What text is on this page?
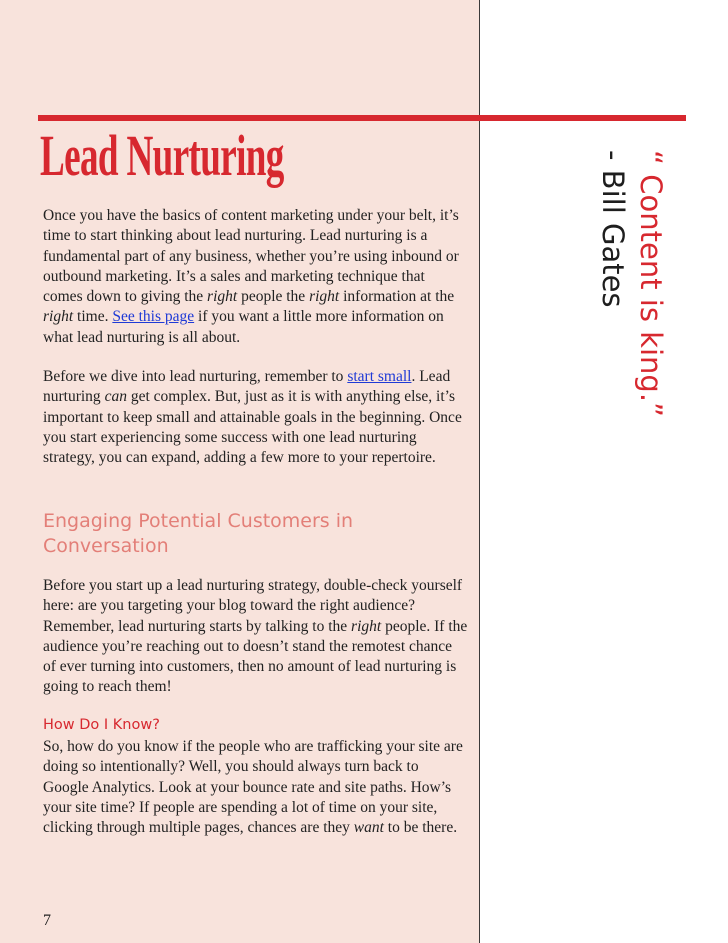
Lead Nurturing

Once you have the basics of content marketing under your belt, it’s time to start thinking about lead nurturing. Lead nurturing is a fundamental part of any business, whether you’re using inbound or outbound marketing. It’s a sales and marketing technique that comes down to giving the right people the right information at the right time. See this page if you want a little more information on what lead nurturing is all about.

Before we dive into lead nurturing, remember to start small. Lead nurturing can get complex. But, just as it is with anything else, it’s important to keep small and attainable goals in the beginning. Once you start experiencing some success with one lead nurturing strategy, you can expand, adding a few more to your repertoire.

Engaging Potential Customers in Conversation

Before you start up a lead nurturing strategy, double-check yourself here: are you targeting your blog toward the right audience? Remember, lead nurturing starts by talking to the right people. If the audience you’re reaching out to doesn’t stand the remotest chance of ever turning into customers, then no amount of lead nurturing is going to reach them!

How Do I Know?

So, how do you know if the people who are trafficking your site are doing so intentionally? Well, you should always turn back to Google Analytics. Look at your bounce rate and site paths. How’s your site time? If people are spending a lot of time on your site, clicking through multiple pages, chances are they want to be there.

7
“ Content is king.”
- Bill Gates
